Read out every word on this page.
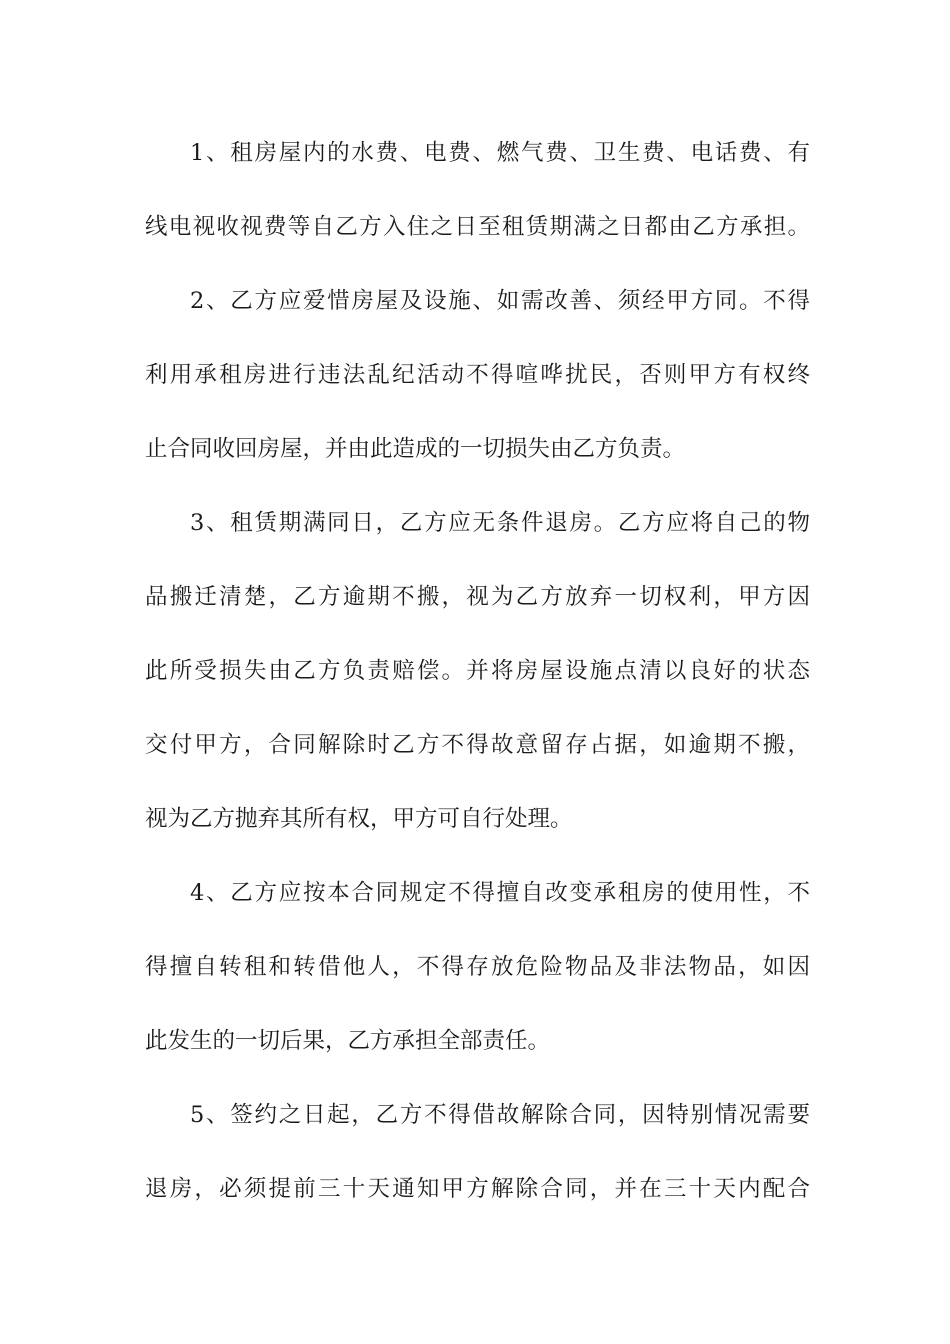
1、租房屋内的水费、电费、燃气费、卫生费、电话费、有
线电视收视费等自乙方入住之日至租赁期满之日都由乙方承担。
2、乙方应爱惜房屋及设施、如需改善、须经甲方同。不得
利用承租房进行违法乱纪活动不得喧哗扰民，否则甲方有权终
止合同收回房屋，并由此造成的一切损失由乙方负责。
3、租赁期满同日，乙方应无条件退房。乙方应将自己的物
品搬迁清楚，乙方逾期不搬，视为乙方放弃一切权利，甲方因
此所受损失由乙方负责赔偿。并将房屋设施点清以良好的状态
交付甲方，合同解除时乙方不得故意留存占据，如逾期不搬，
视为乙方抛弃其所有权，甲方可自行处理。
4、乙方应按本合同规定不得擅自改变承租房的使用性，不
得擅自转租和转借他人，不得存放危险物品及非法物品，如因
此发生的一切后果，乙方承担全部责任。
5、签约之日起，乙方不得借故解除合同，因特别情况需要
退房，必须提前三十天通知甲方解除合同，并在三十天内配合
